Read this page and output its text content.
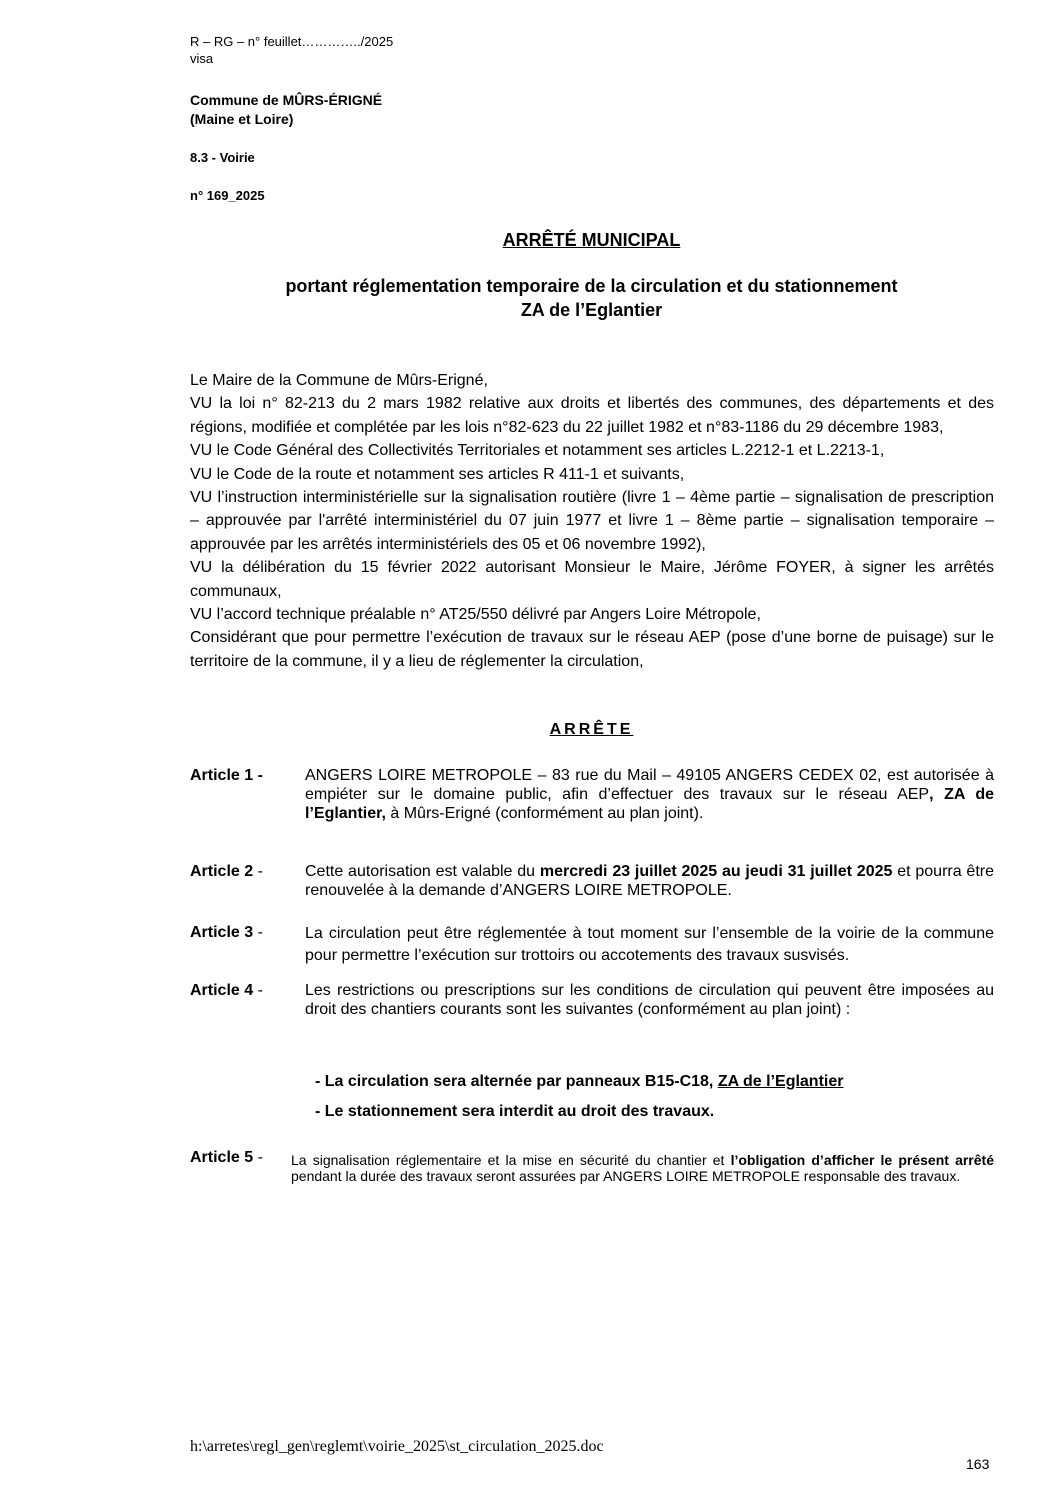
R – RG – n° feuillet…………../2025
visa
Commune de MÛRS-ÉRIGNÉ
(Maine et Loire)
8.3 - Voirie
n° 169_2025
ARRÊTÉ MUNICIPAL
portant réglementation temporaire de la circulation et du stationnement
ZA de l’Eglantier

Le Maire de la Commune de Mûrs-Erigné,

VU la loi n° 82-213 du 2 mars 1982 relative aux droits et libertés des communes, des départements et des régions, modifiée et complétée par les lois n°82-623 du 22 juillet 1982 et n°83-1186 du 29 décembre 1983,

VU le Code Général des Collectivités Territoriales et notamment ses articles L.2212-1 et L.2213-1,

VU le Code de la route et notamment ses articles R 411-1 et suivants,

VU l’instruction interministérielle sur la signalisation routière (livre 1 – 4ème partie – signalisation de prescription – approuvée par l'arrêté interministériel du 07 juin 1977 et livre 1 – 8ème partie – signalisation temporaire – approuvée par les arrêtés interministériels des 05 et 06 novembre 1992),

VU la délibération du 15 février 2022 autorisant Monsieur le Maire, Jérôme FOYER, à signer les arrêtés communaux,

VU l’accord technique préalable n° AT25/550 délivré par Angers Loire Métropole,

Considérant que pour permettre l’exécution de travaux sur le réseau AEP (pose d’une borne de puisage) sur le territoire de la commune, il y a lieu de réglementer la circulation,

ARRÊTE
Article 1 -	ANGERS LOIRE METROPOLE – 83 rue du Mail – 49105 ANGERS CEDEX 02, est autorisée à empiéter sur le domaine public, afin d’effectuer des travaux sur le réseau AEP, ZA de l’Eglantier, à Mûrs-Erigné (conformément au plan joint).
Article 2 -	Cette autorisation est valable du mercredi 23 juillet 2025 au jeudi 31 juillet 2025 et pourra être renouvelée à la demande d’ANGERS LOIRE METROPOLE.
Article 3 -	La circulation peut être réglementée à tout moment sur l’ensemble de la voirie de la commune pour permettre l’exécution sur trottoirs ou accotements des travaux susvisés.
Article 4 -	Les restrictions ou prescriptions sur les conditions de circulation qui peuvent être imposées au droit des chantiers courants sont les suivantes (conformément au plan joint) :
- La circulation sera alternée par panneaux B15-C18, ZA de l’Eglantier
- Le stationnement sera interdit au droit des travaux.
Article 5 - La signalisation réglementaire et la mise en sécurité du chantier et l’obligation d’afficher le présent arrêté pendant la durée des travaux seront assurées par ANGERS LOIRE METROPOLE responsable des travaux.
h:\arretes\regl_gen\reglemt\voirie_2025\st_circulation_2025.doc
163
